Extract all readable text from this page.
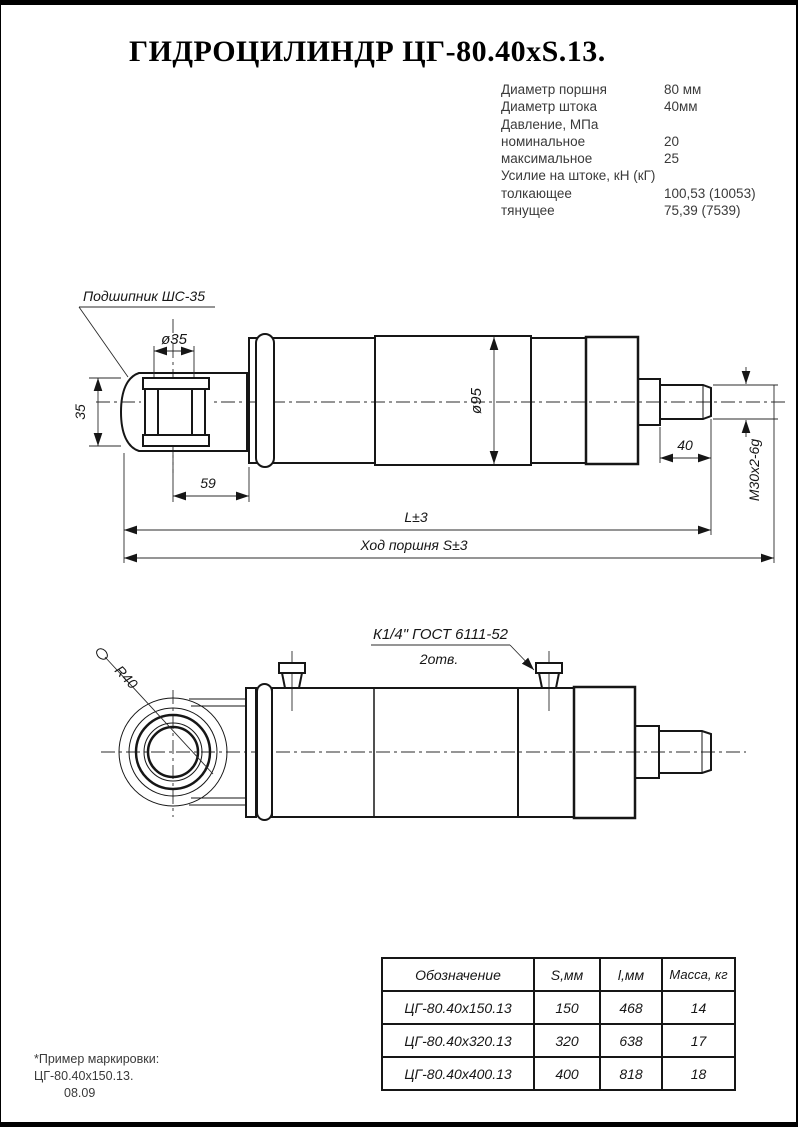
ГИДРОЦИЛИНДР ЦГ-80.40хS.13.
Диаметр поршня	80 мм
Диаметр штока	40мм
Давление, МПа
номинальное	20
максимальное	25
Усилие на штоке, кН (кГ)
толкающее	100,53 (10053)
тянущее	75,39 (7539)
Подшипник ШС-35
ø35
35
59
ø95
40	М30х2-6g
L±3
Ход поршня S±3
К1/4" ГОСТ 6111-52
2отв.
R40
Обозначение	S,мм	l,мм	Масса, кг
ЦГ-80.40х150.13	150	468	14
ЦГ-80.40х320.13	320	638	17
ЦГ-80.40х400.13	400	818	18
*Пример маркировки:
ЦГ-80.40х150.13.
08.09
